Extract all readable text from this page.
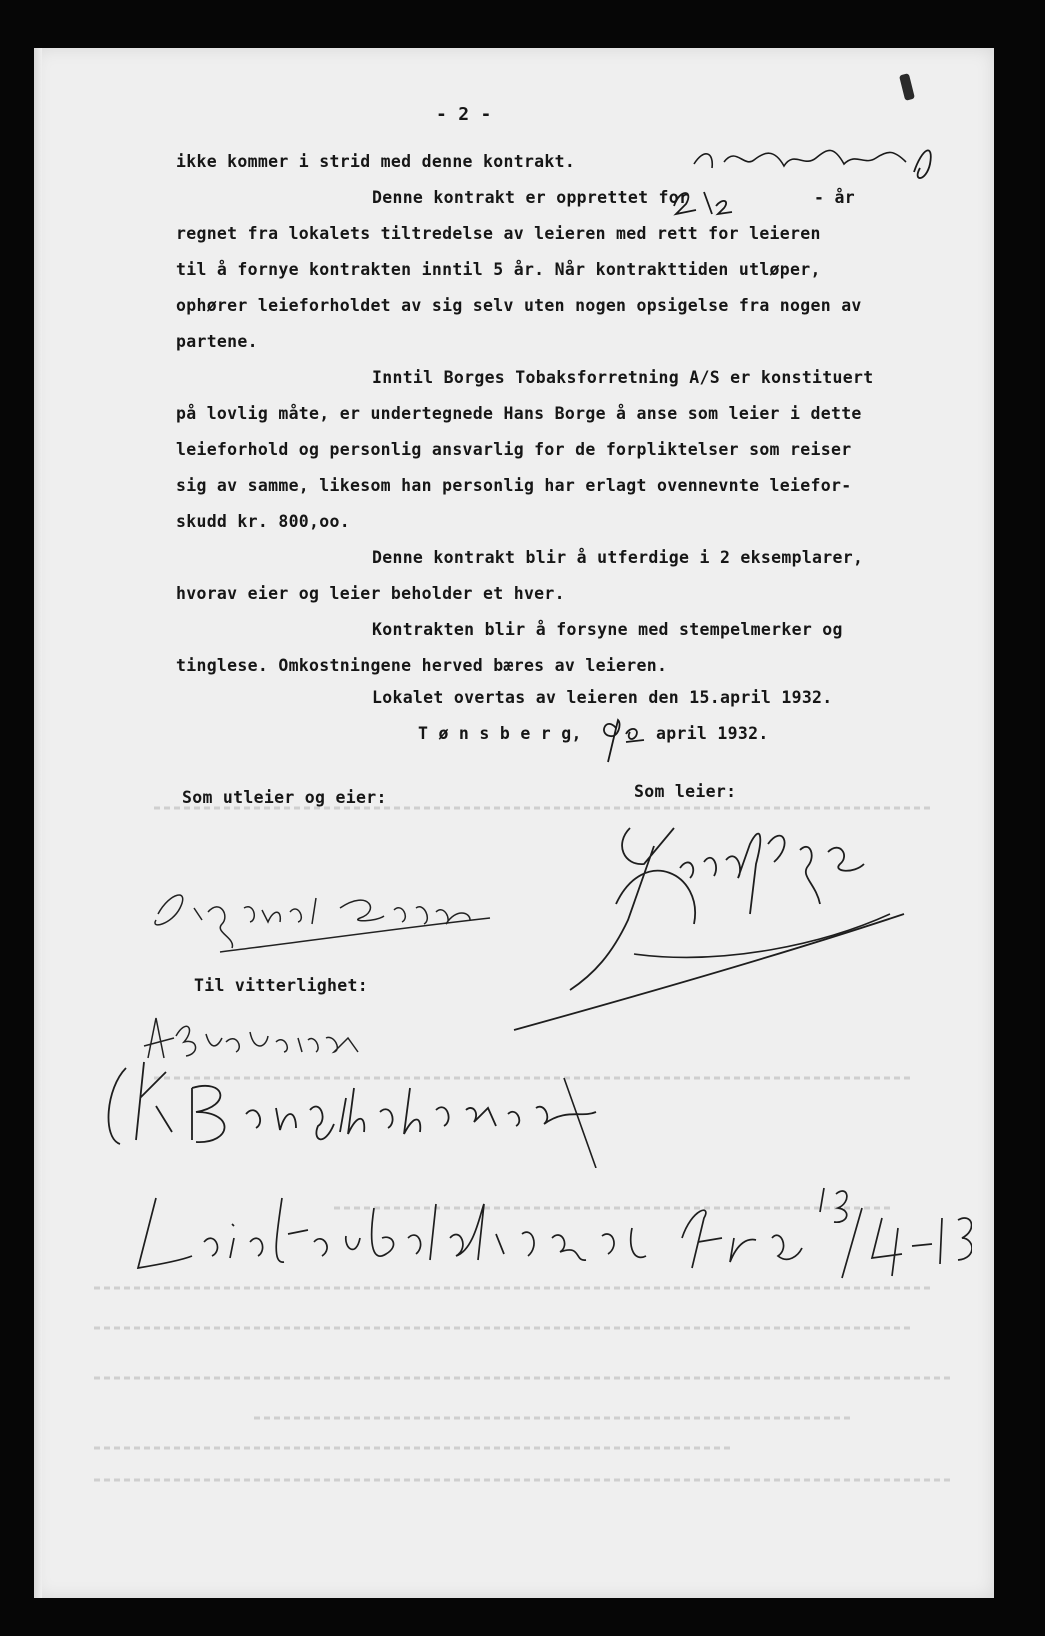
- 2 -
ikke kommer i strid med denne kontrakt.
Denne kontrakt er opprettet for	- år
regnet fra lokalets tiltredelse av leieren med rett for leieren
til å fornye kontrakten inntil 5 år. Når kontrakttiden utløper,
ophører leieforholdet av sig selv uten nogen opsigelse fra nogen av
partene.
Inntil Borges Tobaksforretning A/S er konstituert
på lovlig måte, er undertegnede Hans Borge å anse som leier i dette
leieforhold og personlig ansvarlig for de forpliktelser som reiser
sig av samme, likesom han personlig har erlagt ovennevnte leiefor-
skudd kr. 800,oo.
Denne kontrakt blir å utferdige i 2 eksemplarer,
hvorav eier og leier beholder et hver.
Kontrakten blir å forsyne med stempelmerker og
tinglese. Omkostningene herved bæres av leieren.
Lokalet overtas av leieren den 15.april 1932.
T ø n s b e r g,	april 1932.
Som utleier og eier:	Som leier:
Til vitterlighet:
Hb
